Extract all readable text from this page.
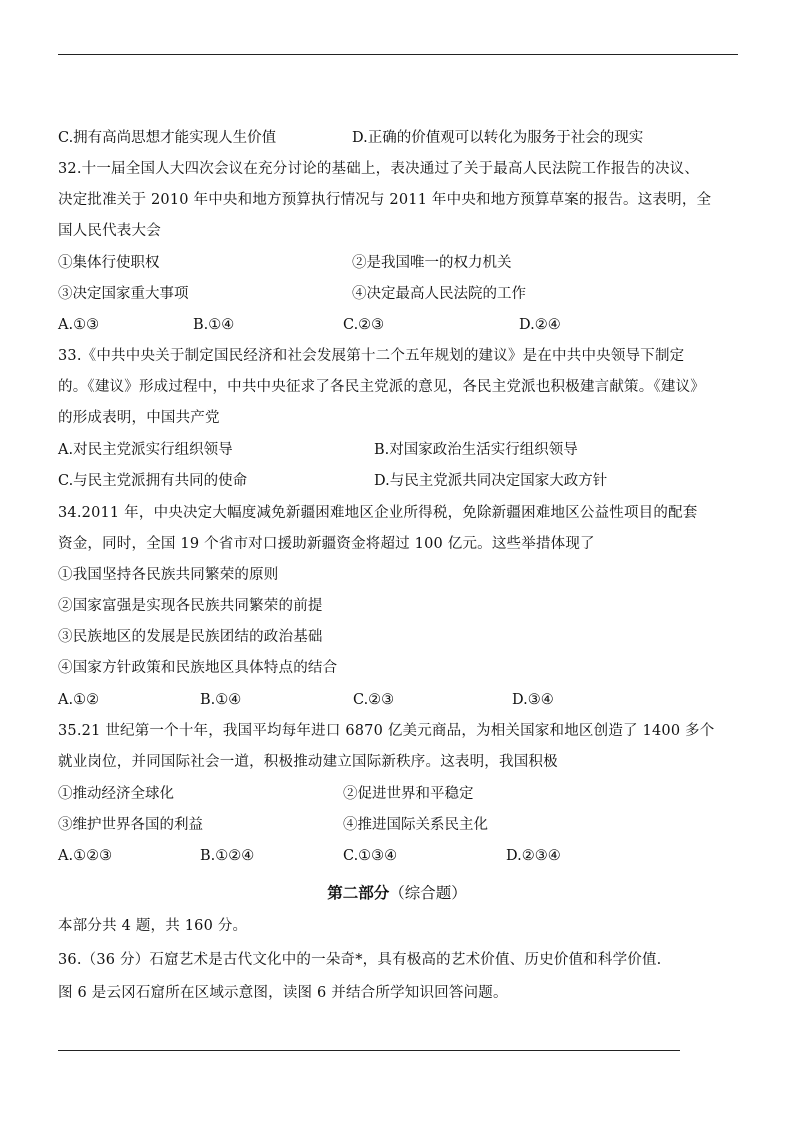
C.拥有高尚思想才能实现人生价值	D.正确的价值观可以转化为服务于社会的现实
32.十一届全国人大四次会议在充分讨论的基础上，表决通过了关于最高人民法院工作报告的决议、
决定批准关于 2010 年中央和地方预算执行情况与 2011 年中央和地方预算草案的报告。这表明，全
国人民代表大会
①集体行使职权	②是我国唯一的权力机关
③决定国家重大事项	④决定最高人民法院的工作
A.①③	B.①④	C.②③	D.②④
33.《中共中央关于制定国民经济和社会发展第十二个五年规划的建议》是在中共中央领导下制定
的。《建议》形成过程中，中共中央征求了各民主党派的意见，各民主党派也积极建言献策。《建议》
的形成表明，中国共产党
A.对民主党派实行组织领导	B.对国家政治生活实行组织领导
C.与民主党派拥有共同的使命	D.与民主党派共同决定国家大政方针
34.2011 年，中央决定大幅度减免新疆困难地区企业所得税，免除新疆困难地区公益性项目的配套
资金，同时，全国 19 个省市对口援助新疆资金将超过 100 亿元。这些举措体现了
①我国坚持各民族共同繁荣的原则
②国家富强是实现各民族共同繁荣的前提
③民族地区的发展是民族团结的政治基础
④国家方针政策和民族地区具体特点的结合
A.①②	B.①④	C.②③	D.③④
35.21 世纪第一个十年，我国平均每年进口 6870 亿美元商品，为相关国家和地区创造了 1400 多个
就业岗位，并同国际社会一道，积极推动建立国际新秩序。这表明，我国积极
①推动经济全球化	②促进世界和平稳定
③维护世界各国的利益	④推进国际关系民主化
A.①②③	B.①②④	C.①③④	D.②③④
第二部分（综合题）
本部分共 4 题，共 160 分。
36.（36 分）石窟艺术是古代文化中的一朵奇*，具有极高的艺术价值、历史价值和科学价值.
图 6 是云冈石窟所在区域示意图，读图 6 并结合所学知识回答问题。
